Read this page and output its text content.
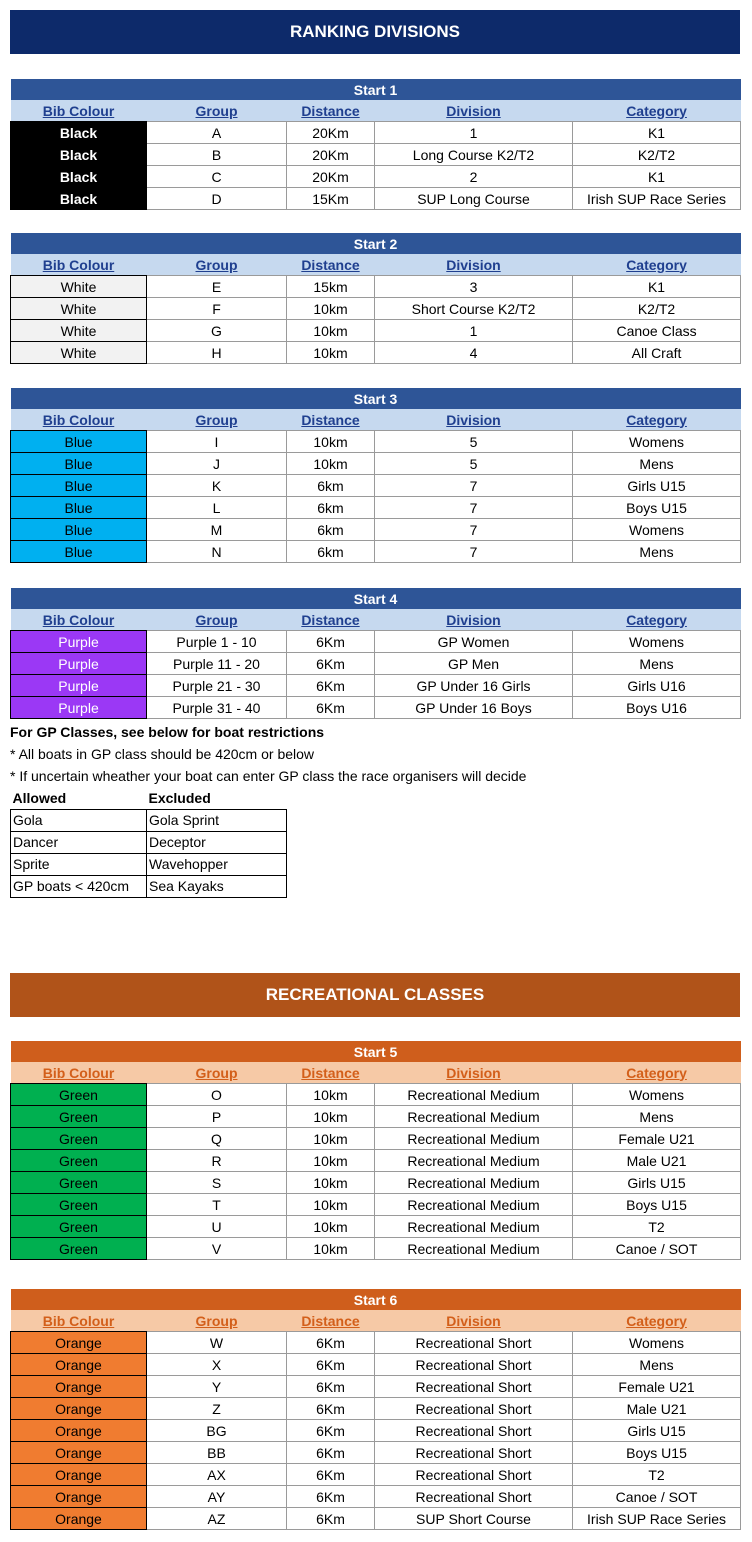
RANKING DIVISIONS
Start 1				
Bib Colour	Group	Distance	Division	Category
Black	A	20Km	1	K1
Black	B	20Km	Long Course K2/T2	K2/T2
Black	C	20Km	2	K1
Black	D	15Km	SUP Long Course	Irish SUP Race Series
Start 2				
Bib Colour	Group	Distance	Division	Category
White	E	15km	3	K1
White	F	10km	Short Course K2/T2	K2/T2
White	G	10km	1	Canoe Class
White	H	10km	4	All Craft
Start 3				
Bib Colour	Group	Distance	Division	Category
Blue	I	10km	5	Womens
Blue	J	10km	5	Mens
Blue	K	6km	7	Girls U15
Blue	L	6km	7	Boys U15
Blue	M	6km	7	Womens
Blue	N	6km	7	Mens
Start 4				
Bib Colour	Group	Distance	Division	Category
Purple	Purple 1 - 10	6Km	GP Women	Womens
Purple	Purple 11 - 20	6Km	GP Men	Mens
Purple	Purple 21 - 30	6Km	GP Under 16 Girls	Girls U16
Purple	Purple 31 - 40	6Km	GP Under 16 Boys	Boys U16
Start 5				
Bib Colour	Group	Distance	Division	Category
Green	O	10km	Recreational Medium	Womens
Green	P	10km	Recreational Medium	Mens
Green	Q	10km	Recreational Medium	Female U21
Green	R	10km	Recreational Medium	Male U21
Green	S	10km	Recreational Medium	Girls U15
Green	T	10km	Recreational Medium	Boys U15
Green	U	10km	Recreational Medium	T2
Green	V	10km	Recreational Medium	Canoe / SOT
Start 6				
Bib Colour	Group	Distance	Division	Category
Orange	W	6Km	Recreational Short	Womens
Orange	X	6Km	Recreational Short	Mens
Orange	Y	6Km	Recreational Short	Female U21
Orange	Z	6Km	Recreational Short	Male U21
Orange	BG	6Km	Recreational Short	Girls U15
Orange	BB	6Km	Recreational Short	Boys U15
Orange	AX	6Km	Recreational Short	T2
Orange	AY	6Km	Recreational Short	Canoe / SOT
Orange	AZ	6Km	SUP Short Course	Irish SUP Race Series
For GP Classes, see below for boat restrictions
* All boats in GP class should be 420cm or below
* If uncertain wheather your boat can enter GP class the race organisers will decide
Allowed	Excluded
Gola	Gola Sprint
Dancer	Deceptor
Sprite	Wavehopper
GP boats < 420cm	Sea Kayaks
RECREATIONAL CLASSES
